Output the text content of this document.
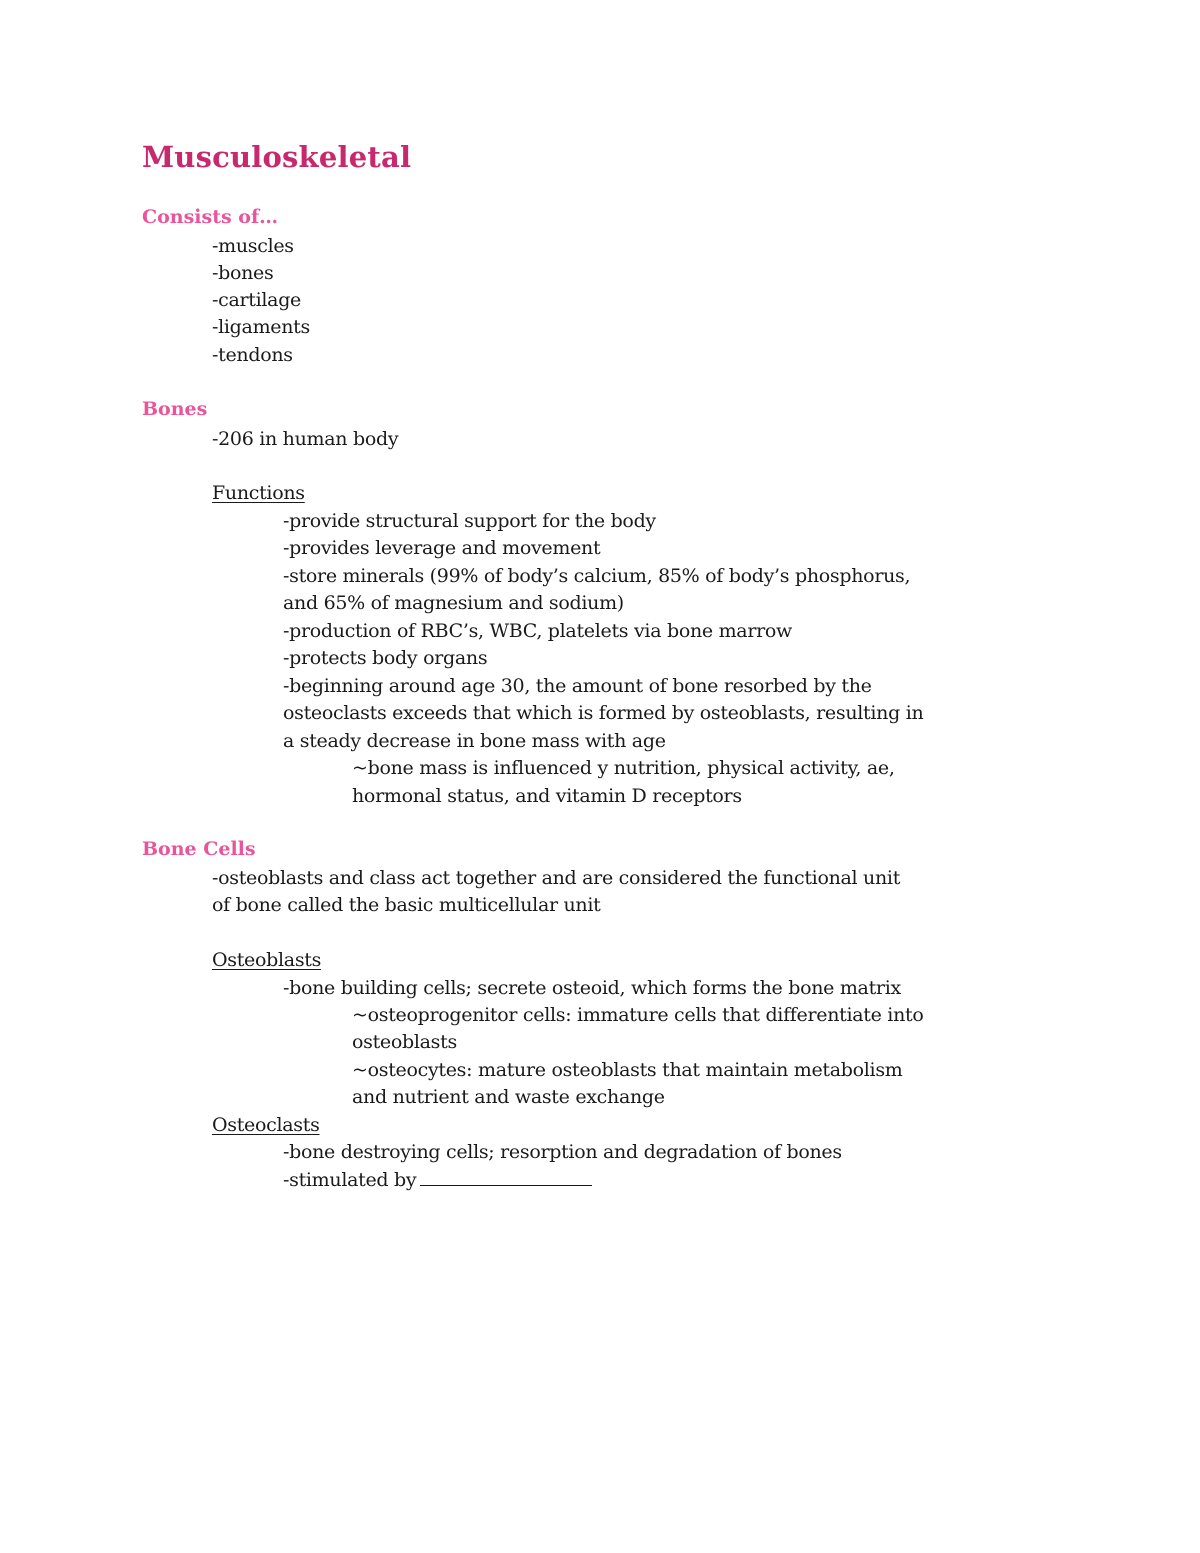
Musculoskeletal
Consists of…

-muscles

-bones

-cartilage

-ligaments

-tendons

Bones

-206 in human body

Functions

-provide structural support for the body

-provides leverage and movement

-store minerals (99% of body’s calcium, 85% of body’s phosphorus,

and 65% of magnesium and sodium)

-production of RBC’s, WBC, platelets via bone marrow

-protects body organs

-beginning around age 30, the amount of bone resorbed by the

osteoclasts exceeds that which is formed by osteoblasts, resulting in

a steady decrease in bone mass with age

~bone mass is influenced y nutrition, physical activity, ae,

hormonal status, and vitamin D receptors

Bone Cells

-osteoblasts and class act together and are considered the functional unit

of bone called the basic multicellular unit

Osteoblasts

-bone building cells; secrete osteoid, which forms the bone matrix

~osteoprogenitor cells: immature cells that differentiate into

osteoblasts

~osteocytes: mature osteoblasts that maintain metabolism

and nutrient and waste exchange

Osteoclasts

-bone destroying cells; resorption and degradation of bones

-stimulated by
